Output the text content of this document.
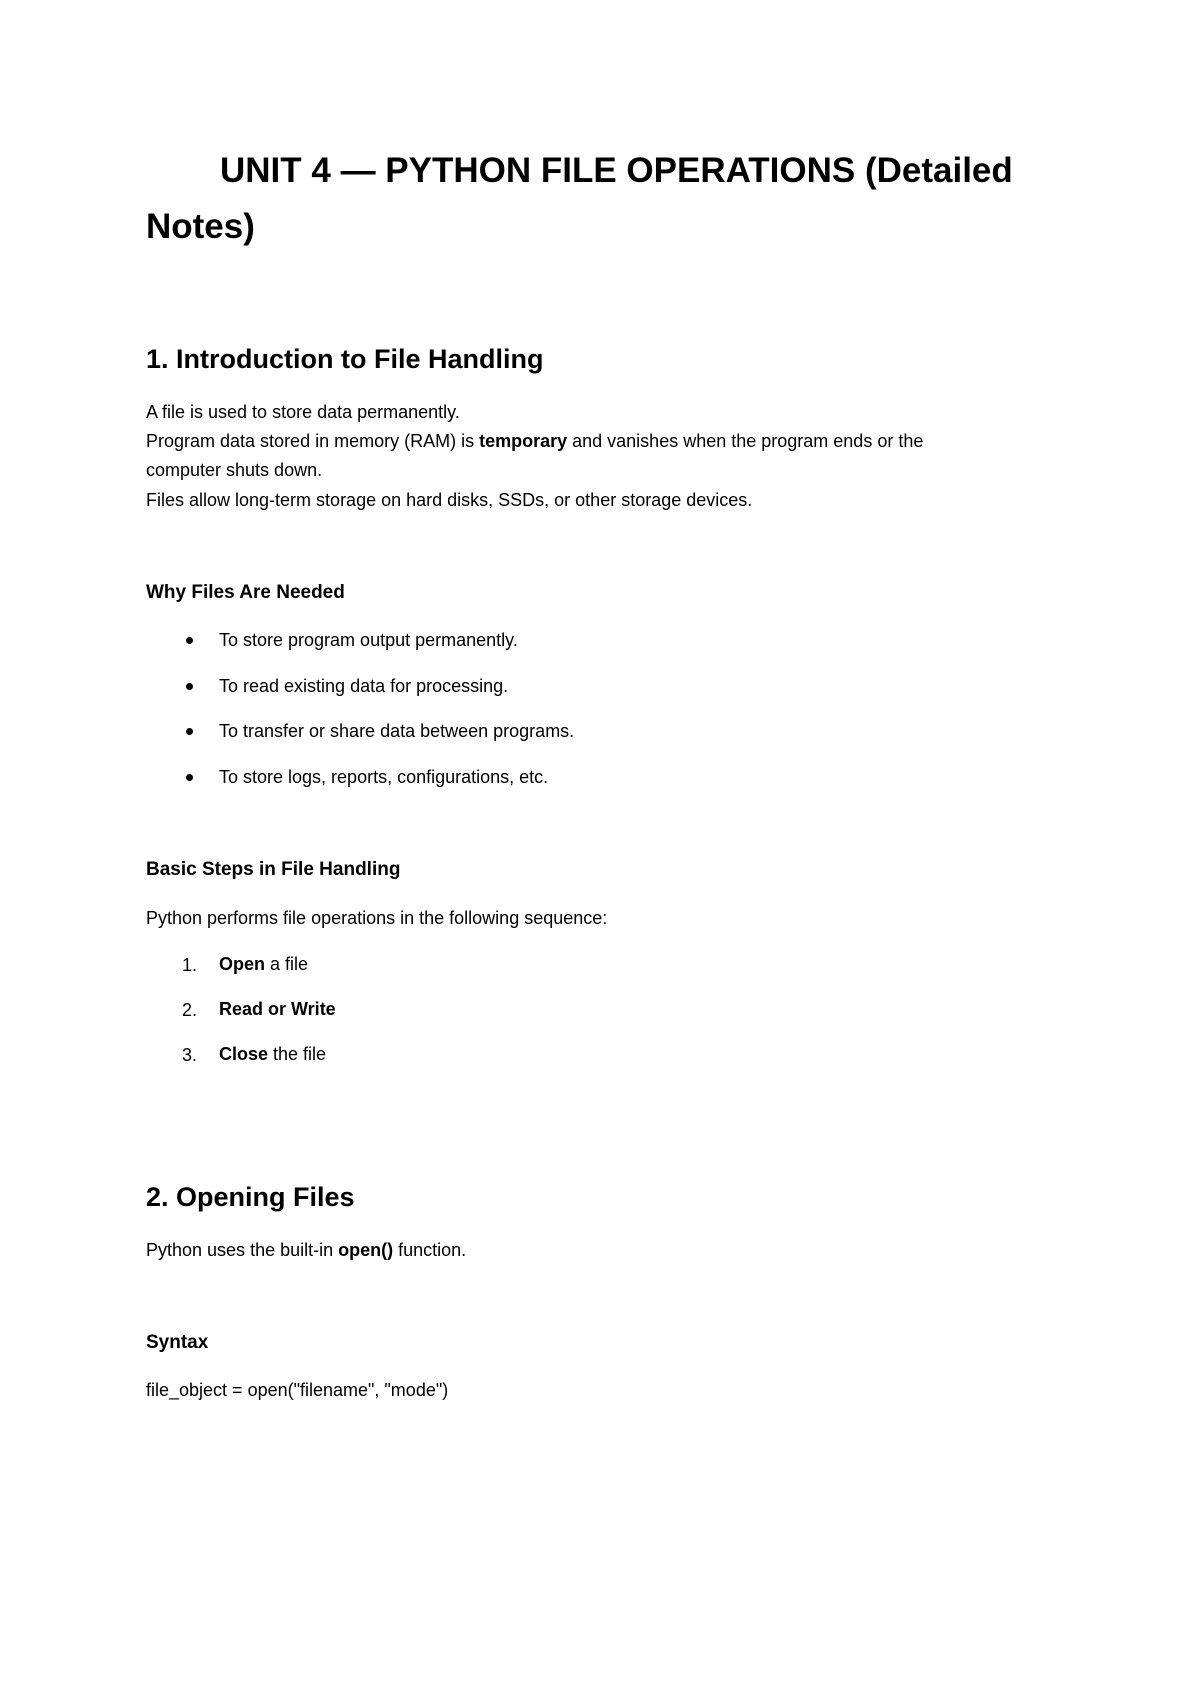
UNIT 4 — PYTHON FILE OPERATIONS (Detailed
Notes)
1. Introduction to File Handling
A file is used to store data permanently.
Program data stored in memory (RAM) is temporary and vanishes when the program ends or the
computer shuts down.
Files allow long-term storage on hard disks, SSDs, or other storage devices.
Why Files Are Needed
To store program output permanently.
To read existing data for processing.
To transfer or share data between programs.
To store logs, reports, configurations, etc.
Basic Steps in File Handling
Python performs file operations in the following sequence:
1. Open a file
2. Read or Write
3. Close the file
2. Opening Files
Python uses the built-in open() function.
Syntax
file_object = open("filename", "mode")
